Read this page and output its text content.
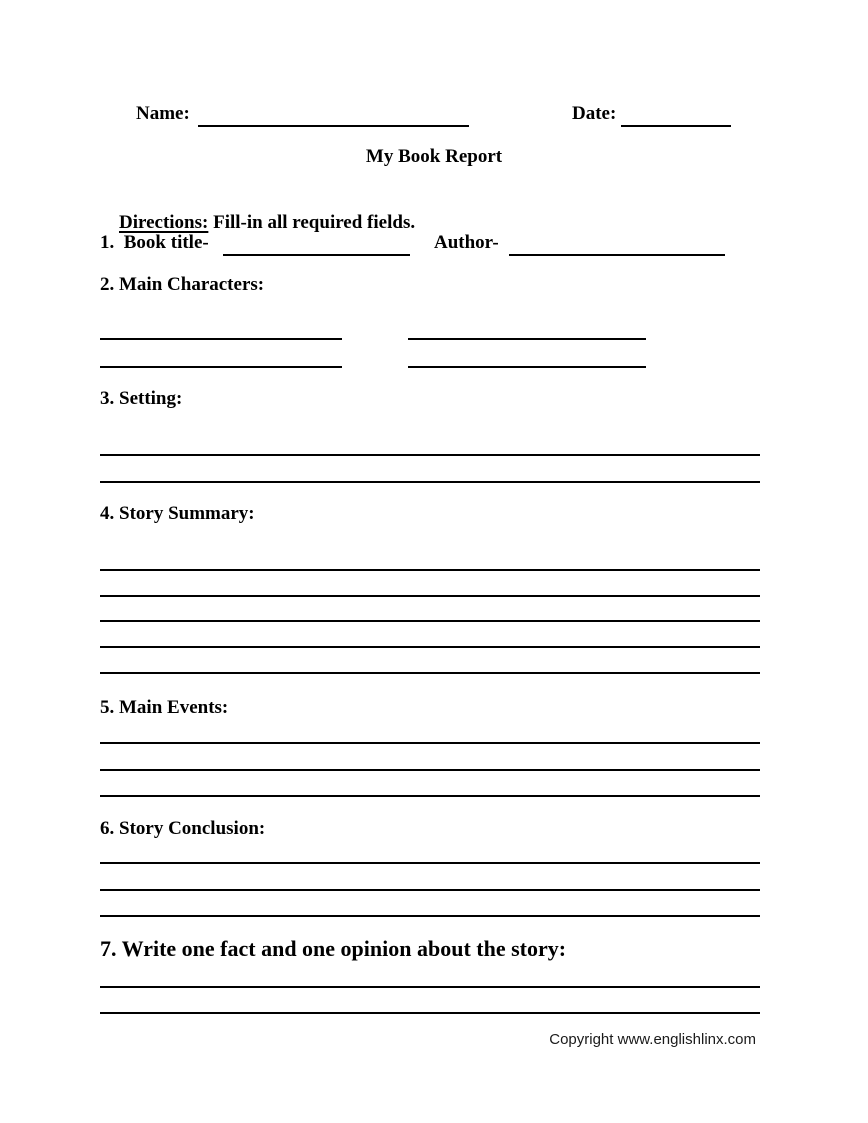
Name:	Date:
My Book Report

Directions: Fill-in all required fields.

1.  Book title-	Author-
2. Main Characters:
3. Setting:
4. Story Summary:
5. Main Events:
6. Story Conclusion:
7. Write one fact and one opinion about the story:
Copyright www.englishlinx.com
